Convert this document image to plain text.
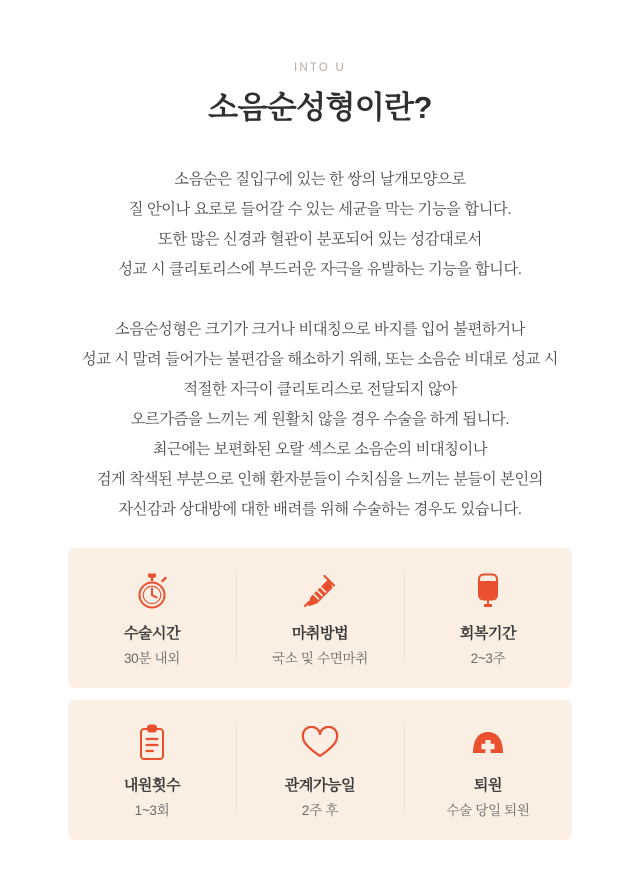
INTO U

소음순성형이란?

소음순은 질입구에 있는 한 쌍의 날개모양으로
질 안이나 요로로 들어갈 수 있는 세균을 막는 기능을 합니다.
또한 많은 신경과 혈관이 분포되어 있는 성감대로서
성교 시 클리토리스에 부드러운 자극을 유발하는 기능을 합니다.

소음순성형은 크기가 크거나 비대칭으로 바지를 입어 불편하거나
성교 시 말려 들어가는 불편감을 해소하기 위해, 또는 소음순 비대로 성교 시
적절한 자극이 클리토리스로 전달되지 않아
오르가즘을 느끼는 게 원활치 않을 경우 수술을 하게 됩니다.
최근에는 보편화된 오랄 섹스로 소음순의 비대칭이나
검게 착색된 부분으로 인해 환자분들이 수치심을 느끼는 분들이 본인의
자신감과 상대방에 대한 배려를 위해 수술하는 경우도 있습니다.

수술시간
30분 내외
마취방법
국소 및 수면마취
회복기간
2~3주
내원횟수
1~3회
관계가능일
2주 후
퇴원
수술 당일 퇴원
